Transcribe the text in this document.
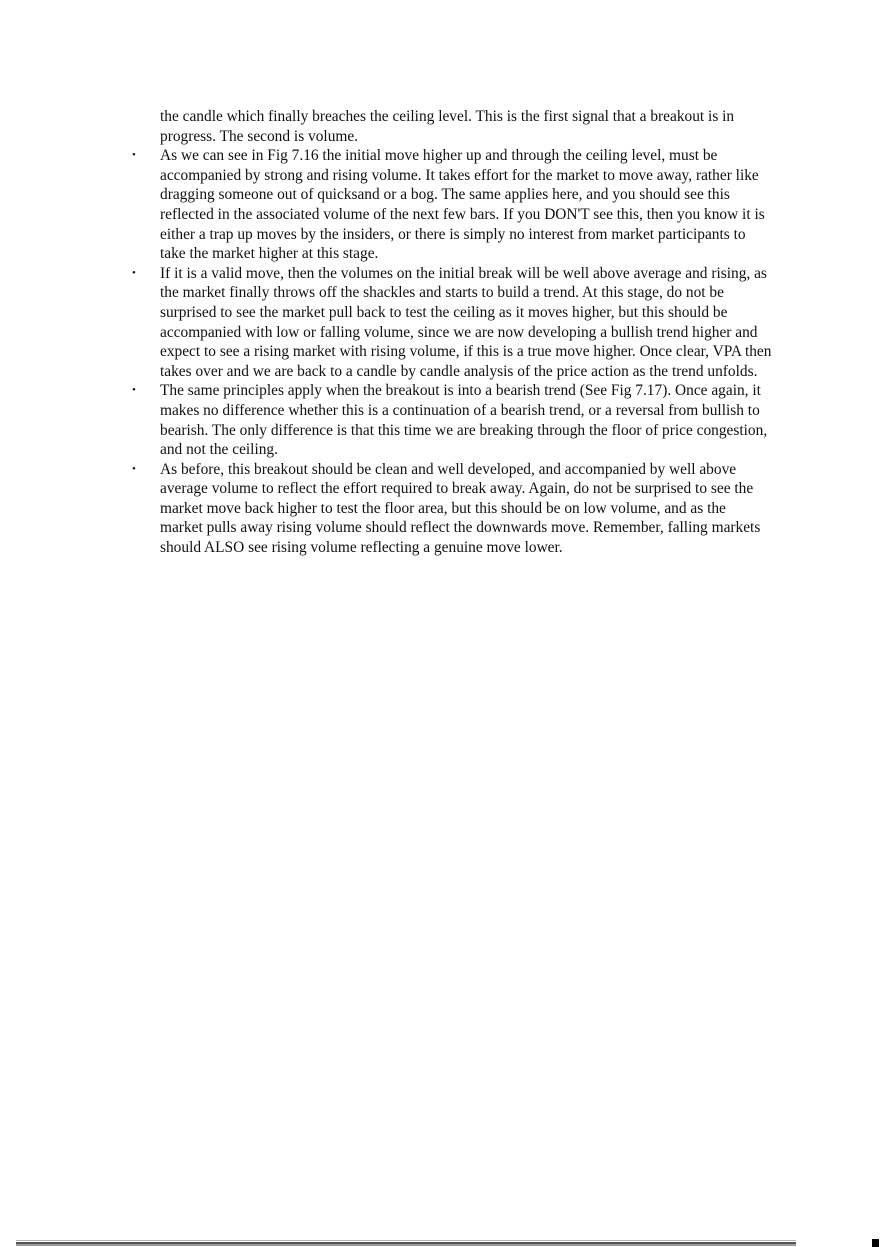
the candle which finally breaches the ceiling level. This is the first signal that a breakout is in progress. The second is volume.

•	As we can see in Fig 7.16 the initial move higher up and through the ceiling level, must be accompanied by strong and rising volume. It takes effort for the market to move away, rather like dragging someone out of quicksand or a bog. The same applies here, and you should see this reflected in the associated volume of the next few bars. If you DON'T see this, then you know it is either a trap up moves by the insiders, or there is simply no interest from market participants to take the market higher at this stage.
•	If it is a valid move, then the volumes on the initial break will be well above average and rising, as the market finally throws off the shackles and starts to build a trend. At this stage, do not be surprised to see the market pull back to test the ceiling as it moves higher, but this should be accompanied with low or falling volume, since we are now developing a bullish trend higher and expect to see a rising market with rising volume, if this is a true move higher. Once clear, VPA then takes over and we are back to a candle by candle analysis of the price action as the trend unfolds.
•	The same principles apply when the breakout is into a bearish trend (See Fig 7.17). Once again, it makes no difference whether this is a continuation of a bearish trend, or a reversal from bullish to bearish. The only difference is that this time we are breaking through the floor of price congestion, and not the ceiling.
•	As before, this breakout should be clean and well developed, and accompanied by well above average volume to reflect the effort required to break away. Again, do not be surprised to see the market move back higher to test the floor area, but this should be on low volume, and as the market pulls away rising volume should reflect the downwards move. Remember, falling markets should ALSO see rising volume reflecting a genuine move lower.
